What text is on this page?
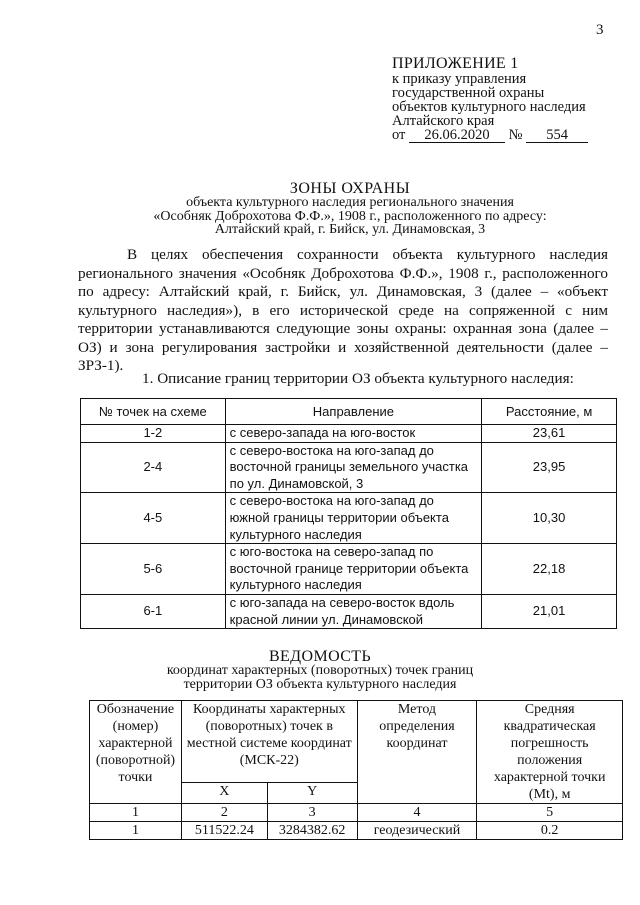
3
ПРИЛОЖЕНИЕ 1
к приказу управления
государственной охраны
объектов культурного наследия
Алтайского края
от 26.06.2020 № 554
ЗОНЫ ОХРАНЫ
объекта культурного наследия регионального значения
«Особняк Доброхотова Ф.Ф.», 1908 г., расположенного по адресу:
Алтайский край, г. Бийск, ул. Динамовская, 3
В целях обеспечения сохранности объекта культурного наследия регионального значения «Особняк Доброхотова Ф.Ф.», 1908 г., расположенного по адресу: Алтайский край, г. Бийск, ул. Динамовская, 3 (далее – «объект культурного наследия»), в его исторической среде на сопряженной с ним территории устанавливаются следующие зоны охраны: охранная зона (далее – ОЗ) и зона регулирования застройки и хозяйственной деятельности (далее – ЗРЗ-1).
1. Описание границ территории ОЗ объекта культурного наследия:
№ точек на схеме	Направление	Расстояние, м
1-2	с северо-запада на юго-восток	23,61
2-4	с северо-востока на юго-запад до восточной границы земельного участка по ул. Динамовской, 3	23,95
4-5	с северо-востока на юго-запад до южной границы территории объекта культурного наследия	10,30
5-6	с юго-востока на северо-запад по восточной границе территории объекта культурного наследия	22,18
6-1	с юго-запада на северо-восток вдоль красной линии ул. Динамовской	21,01
ВЕДОМОСТЬ
координат характерных (поворотных) точек границ
территории ОЗ объекта культурного наследия
Обозначение (номер) характерной (поворотной) точки	Координаты характерных (поворотных) точек в местной системе координат (МСК-22)		Метод определения координат	Средняя квадратическая погрешность положения характерной точки (Mt), м
	X	Y		
1	2	3	4	5
1	511522.24	3284382.62	геодезический	0.2
